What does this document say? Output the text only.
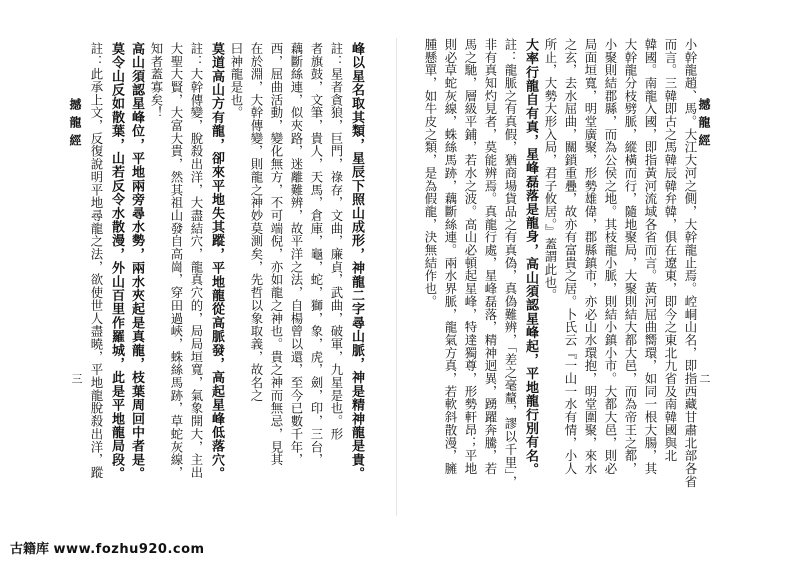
撼龍經
二
小幹龍趙、馬。大江大河之側，大幹龍止焉。崆峒山名，即指西藏甘肅北部各省
而言。三韓即古之馬韓辰韓弁韓，俱在遼東，即今之東北九省及南韓國與北
韓國。南龍入國，即指黃河流域各省而言。黃河屈曲嚮環，如同一根大腸，其
大幹龍分枝劈脈，縱橫而行，隨地聚局，大聚則結大都大邑，而為帝王之都，
小聚則結郡縣，而為公侯之地。其枝龍小脈，則結小鎮小市。大都大邑，則必
局面垣寬，明堂廣聚，形勢雄偉，郡縣鎮市，亦必山水環抱，明堂圍聚，來水
之玄，去水屈曲，關鎖重疊，故亦有富貴之居。卜氏云『一山一水有情，小人
所止，大勢大形入局，君子攸居。』蓋謂此也。
大率行龍自有真，星峰磊落是龍身，高山須認星峰起，平地龍行別有名。
註：龍脈之有真假，猶商場貨品之有真偽，真偽難辨，「差之毫釐，謬以千里」，
非有真知灼見者，莫能辨焉。真龍行處，星峰磊落，精神迥異，踴躍奔騰，若
馬之馳，層級平鋪，若水之波。高山必頓起星峰，特達獨尊，形勢軒昂；平地
則必草蛇灰線，蛛絲馬跡，藕斷絲連。兩水界脈，龍氣方真，若軟斜散漫，臃
腫懸單，如牛皮之類，是為假龍，決無結作也。
峰以星名取其類，星辰下照山成形，神龍二字尋山脈，神是精神龍是貴。
註：星者貪狼，巨門，祿存，文曲，廉貞，武曲，破軍，九星是也。形
者旗鼓，文筆，貴人，天馬，倉庫，龜，蛇，獅，象，虎，劍，印，三台，
藕斷絲連，似夾路，迷離難辨，故平洋之法，自楊曾以還，至今已數千年，
西，屈曲活動，變化無方，不可端倪，亦如龍之神也。貴之神而無忌，見其
在於淵，大幹傳變，則龍之神妙莫測矣，先哲以象取義，故名之
曰神龍是也。
莫道高山方有龍，卻來平地失其蹤，平地龍從高脈發，高起星峰低落穴。
註：大幹傳變，脫殺出洋，大盡結穴，龍真穴的，局局垣寬，氣象開大，主出
大聖大賢，大富大貴，然其祖山發自高崗，穿田過峽，蛛絲馬跡，草蛇灰線，
知者蓋寡矣！
高山須認星峰位，平地兩旁尋水勢，兩水夾起是真龍，枝葉周回中者是。
莫令山反如散葉，山若反令水散漫，外山百里作羅城，此是平地龍局段。
註：此承上文，反復說明平地尋龍之法，欲使世人盡曉，平地龍脫殺出洋，蹤
撼龍經
三
古籍库 www.fozhu920.com
